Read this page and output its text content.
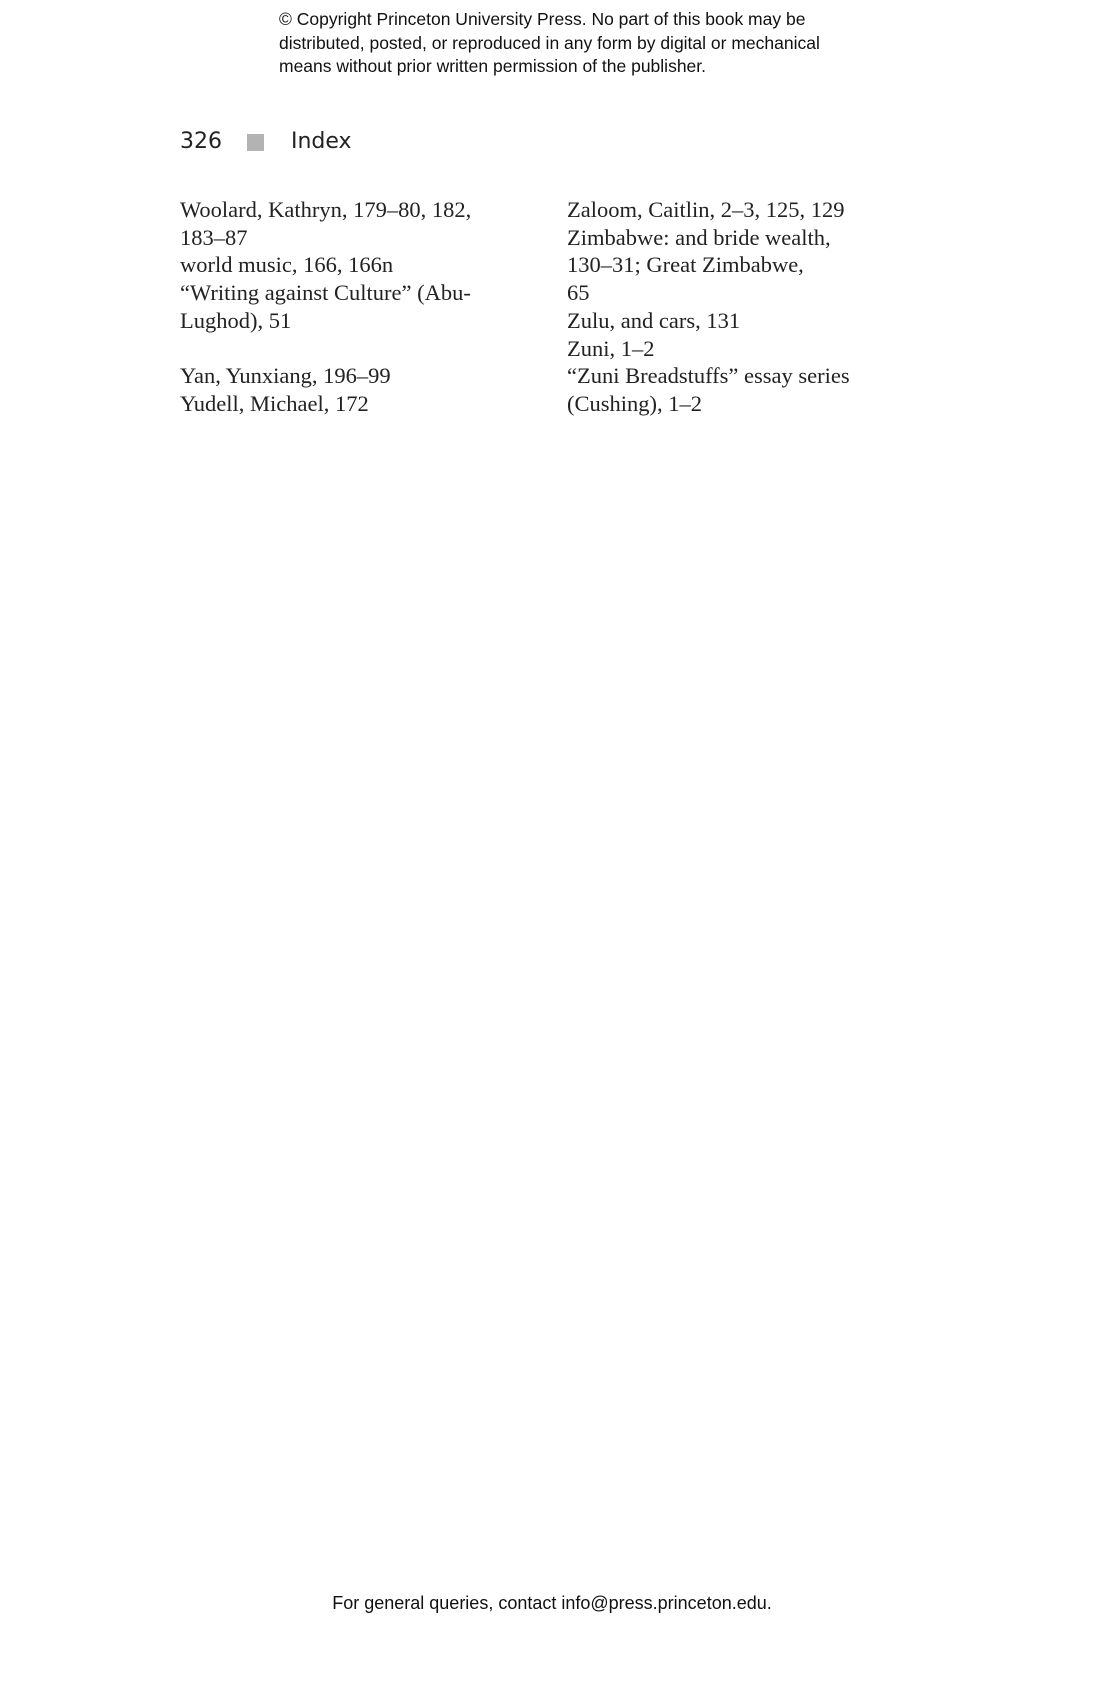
© Copyright Princeton University Press. No part of this book may be
distributed, posted, or reproduced in any form by digital or mechanical
means without prior written permission of the publisher.
326	Index
Woolard, Kathryn, 179–80, 182,
183–87
world music, 166, 166n
“Writing against Culture” (Abu-
Lughod), 51
Yan, Yunxiang, 196–99
Yudell, Michael, 172
Zaloom, Caitlin, 2–3, 125, 129
Zimbabwe: and bride wealth,
130–31; Great Zimbabwe,
65
Zulu, and cars, 131
Zuni, 1–2
“Zuni Breadstuffs” essay series
(Cushing), 1–2
For general queries, contact info@press.princeton.edu.
